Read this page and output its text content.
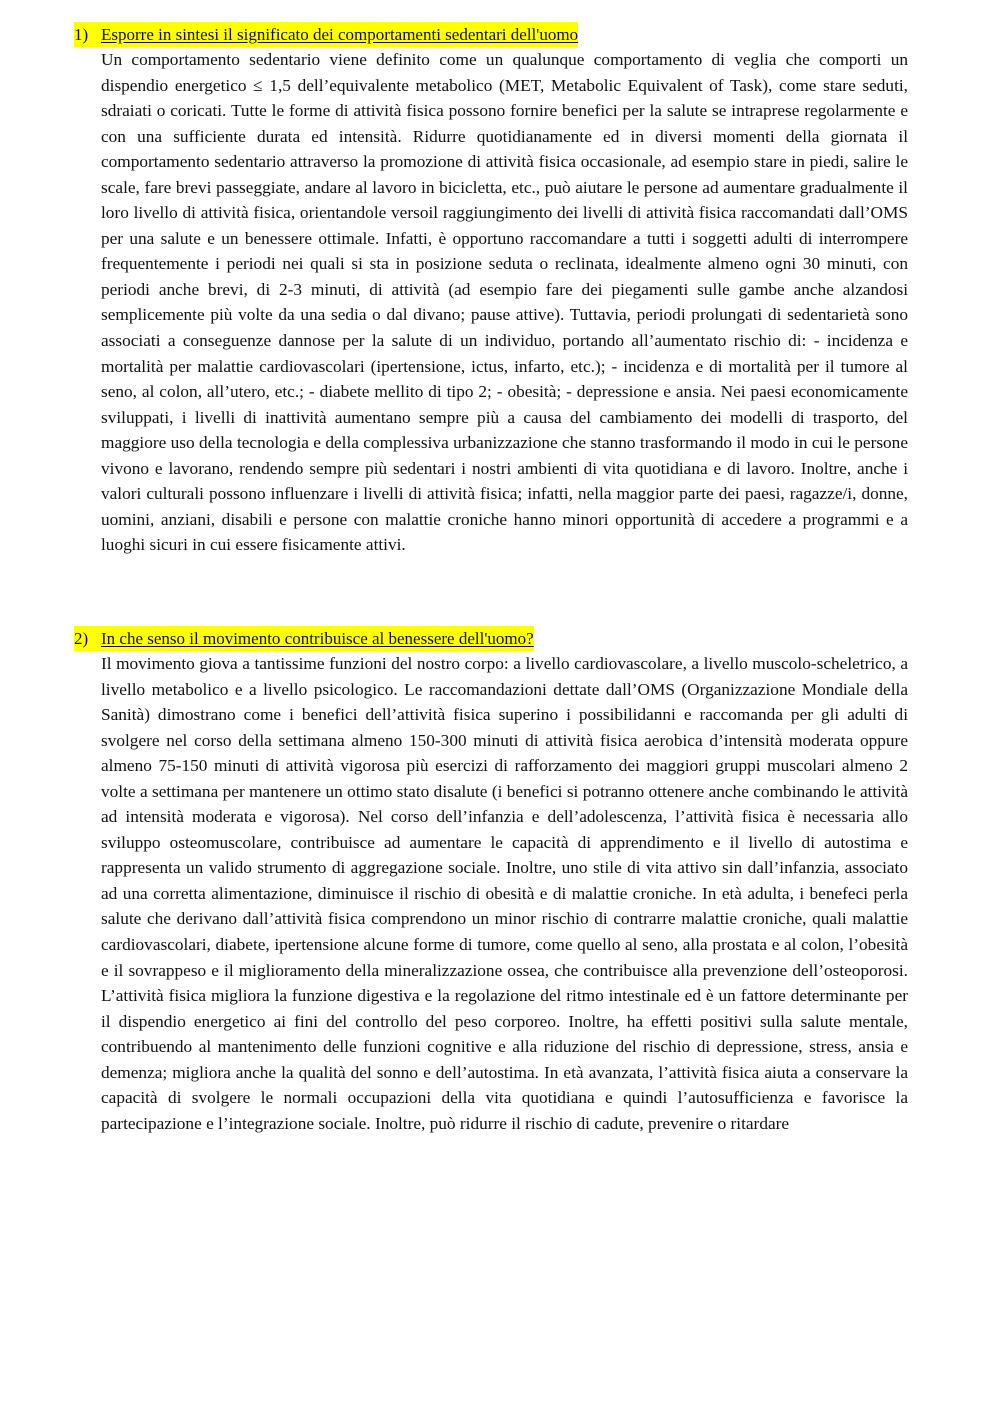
1) Esporre in sintesi il significato dei comportamenti sedentari dell'uomo

Un comportamento sedentario viene definito come un qualunque comportamento di veglia che comporti un dispendio energetico ≤ 1,5 dell’equivalente metabolico (MET, Metabolic Equivalent of Task), come stare seduti, sdraiati o coricati. Tutte le forme di attività fisica possono fornire benefici per la salute se intraprese regolarmente e con una sufficiente durata ed intensità. Ridurre quotidianamente ed in diversi momenti della giornata il comportamento sedentario attraverso la promozione di attività fisica occasionale, ad esempio stare in piedi, salire le scale, fare brevi passeggiate, andare al lavoro in bicicletta, etc., può aiutare le persone ad aumentare gradualmente il loro livello di attività fisica, orientandole versoil raggiungimento dei livelli di attività fisica raccomandati dall’OMS per una salute e un benessere ottimale. Infatti, è opportuno raccomandare a tutti i soggetti adulti di interrompere frequentemente i periodi nei quali si sta in posizione seduta o reclinata, idealmente almeno ogni 30 minuti, con periodi anche brevi, di 2-3 minuti, di attività (ad esempio fare dei piegamenti sulle gambe anche alzandosi semplicemente più volte da una sedia o dal divano; pause attive). Tuttavia, periodi prolungati di sedentarietà sono associati a conseguenze dannose per la salute di un individuo, portando all’aumentato rischio di: - incidenza e mortalità per malattie cardiovascolari (ipertensione, ictus, infarto, etc.); - incidenza e di mortalità per il tumore al seno, al colon, all’utero, etc.; - diabete mellito di tipo 2; - obesità; - depressione e ansia. Nei paesi economicamente sviluppati, i livelli di inattività aumentano sempre più a causa del cambiamento dei modelli di trasporto, del maggiore uso della tecnologia e della complessiva urbanizzazione che stanno trasformando il modo in cui le persone vivono e lavorano, rendendo sempre più sedentari i nostri ambienti di vita quotidiana e di lavoro. Inoltre, anche i valori culturali possono influenzare i livelli di attività fisica; infatti, nella maggior parte dei paesi, ragazze/i, donne, uomini, anziani, disabili e persone con malattie croniche hanno minori opportunità di accedere a programmi e a luoghi sicuri in cui essere fisicamente attivi.

2) In che senso il movimento contribuisce al benessere dell'uomo?

Il movimento giova a tantissime funzioni del nostro corpo: a livello cardiovascolare, a livello muscolo-scheletrico, a livello metabolico e a livello psicologico. Le raccomandazioni dettate dall’OMS (Organizzazione Mondiale della Sanità) dimostrano come i benefici dell’attività fisica superino i possibilidanni e raccomanda per gli adulti di svolgere nel corso della settimana almeno 150-300 minuti di attività fisica aerobica d’intensità moderata oppure almeno 75-150 minuti di attività vigorosa più esercizi di rafforzamento dei maggiori gruppi muscolari almeno 2 volte a settimana per mantenere un ottimo stato disalute (i benefici si potranno ottenere anche combinando le attività ad intensità moderata e vigorosa). Nel corso dell’infanzia e dell’adolescenza, l’attività fisica è necessaria allo sviluppo osteomuscolare, contribuisce ad aumentare le capacità di apprendimento e il livello di autostima e rappresenta un valido strumento di aggregazione sociale. Inoltre, uno stile di vita attivo sin dall’infanzia, associato ad una corretta alimentazione, diminuisce il rischio di obesità e di malattie croniche. In età adulta, i benefeci perla salute che derivano dall’attività fisica comprendono un minor rischio di contrarre malattie croniche, quali malattie cardiovascolari, diabete, ipertensione alcune forme di tumore, come quello al seno, alla prostata e al colon, l’obesità e il sovrappeso e il miglioramento della mineralizzazione ossea, che contribuisce alla prevenzione dell’osteoporosi. L’attività fisica migliora la funzione digestiva e la regolazione del ritmo intestinale ed è un fattore determinante per il dispendio energetico ai fini del controllo del peso corporeo. Inoltre, ha effetti positivi sulla salute mentale, contribuendo al mantenimento delle funzioni cognitive e alla riduzione del rischio di depressione, stress, ansia e demenza; migliora anche la qualità del sonno e dell’autostima. In età avanzata, l’attività fisica aiuta a conservare la capacità di svolgere le normali occupazioni della vita quotidiana e quindi l’autosufficienza e favorisce la partecipazione e l’integrazione sociale. Inoltre, può ridurre il rischio di cadute, prevenire o ritardare
